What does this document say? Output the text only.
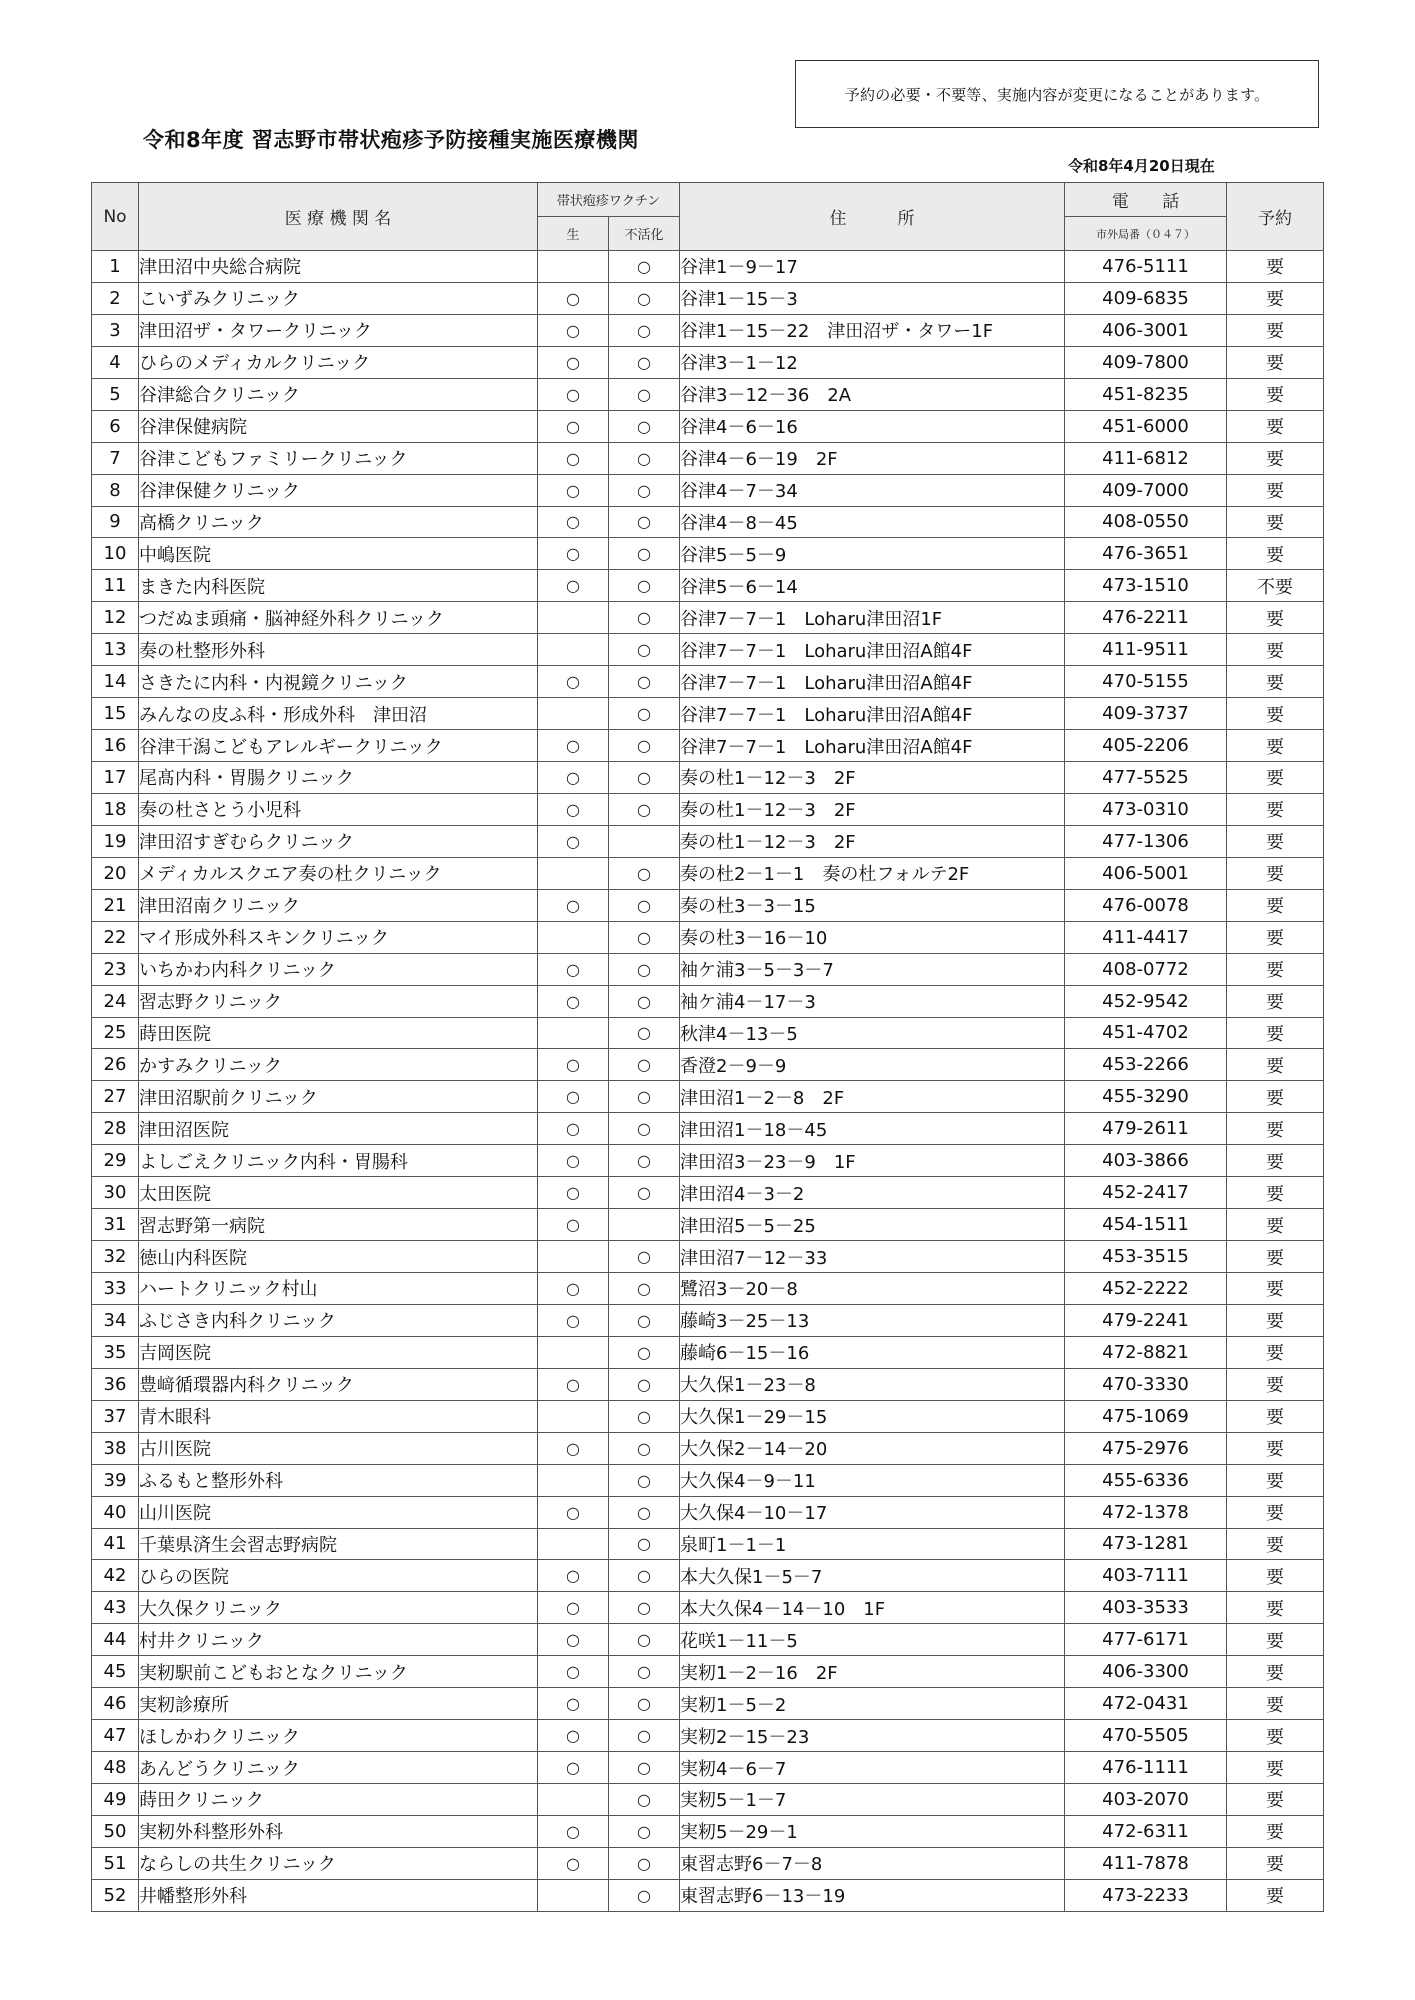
予約の必要・不要等、実施内容が変更になることがあります。
令和8年度 習志野市帯状疱疹予防接種実施医療機関
令和8年4月20日現在
No	医 療 機 関 名	帯状疱疹ワクチン		住　　　所	電 話	予約
		生	不活化		市外局番（０４７）	
1	津田沼中央総合病院		○	谷津1－9－17	476-5111	要
2	こいずみクリニック	○	○	谷津1－15－3	409-6835	要
3	津田沼ザ・タワークリニック	○	○	谷津1－15－22　津田沼ザ・タワー1F	406-3001	要
4	ひらのメディカルクリニック	○	○	谷津3－1－12	409-7800	要
5	谷津総合クリニック	○	○	谷津3－12－36　2A	451-8235	要
6	谷津保健病院	○	○	谷津4－6－16	451-6000	要
7	谷津こどもファミリークリニック	○	○	谷津4－6－19　2F	411-6812	要
8	谷津保健クリニック	○	○	谷津4－7－34	409-7000	要
9	高橋クリニック	○	○	谷津4－8－45	408-0550	要
10	中嶋医院	○	○	谷津5－5－9	476-3651	要
11	まきた内科医院	○	○	谷津5－6－14	473-1510	不要
12	つだぬま頭痛・脳神経外科クリニック		○	谷津7－7－1　Loharu津田沼1F	476-2211	要
13	奏の杜整形外科		○	谷津7－7－1　Loharu津田沼A館4F	411-9511	要
14	さきたに内科・内視鏡クリニック	○	○	谷津7－7－1　Loharu津田沼A館4F	470-5155	要
15	みんなの皮ふ科・形成外科　津田沼		○	谷津7－7－1　Loharu津田沼A館4F	409-3737	要
16	谷津干潟こどもアレルギークリニック	○	○	谷津7－7－1　Loharu津田沼A館4F	405-2206	要
17	尾髙内科・胃腸クリニック	○	○	奏の杜1－12－3　2F	477-5525	要
18	奏の杜さとう小児科	○	○	奏の杜1－12－3　2F	473-0310	要
19	津田沼すぎむらクリニック	○		奏の杜1－12－3　2F	477-1306	要
20	メディカルスクエア奏の杜クリニック		○	奏の杜2－1－1　奏の杜フォルテ2F	406-5001	要
21	津田沼南クリニック	○	○	奏の杜3－3－15	476-0078	要
22	マイ形成外科スキンクリニック		○	奏の杜3－16－10	411-4417	要
23	いちかわ内科クリニック	○	○	袖ケ浦3－5－3－7	408-0772	要
24	習志野クリニック	○	○	袖ケ浦4－17－3	452-9542	要
25	蒔田医院		○	秋津4－13－5	451-4702	要
26	かすみクリニック	○	○	香澄2－9－9	453-2266	要
27	津田沼駅前クリニック	○	○	津田沼1－2－8　2F	455-3290	要
28	津田沼医院	○	○	津田沼1－18－45	479-2611	要
29	よしごえクリニック内科・胃腸科	○	○	津田沼3－23－9　1F	403-3866	要
30	太田医院	○	○	津田沼4－3－2	452-2417	要
31	習志野第一病院	○		津田沼5－5－25	454-1511	要
32	徳山内科医院		○	津田沼7－12－33	453-3515	要
33	ハートクリニック村山	○	○	鷺沼3－20－8	452-2222	要
34	ふじさき内科クリニック	○	○	藤崎3－25－13	479-2241	要
35	吉岡医院		○	藤崎6－15－16	472-8821	要
36	豊﨑循環器内科クリニック	○	○	大久保1－23－8	470-3330	要
37	青木眼科		○	大久保1－29－15	475-1069	要
38	古川医院	○	○	大久保2－14－20	475-2976	要
39	ふるもと整形外科		○	大久保4－9－11	455-6336	要
40	山川医院	○	○	大久保4－10－17	472-1378	要
41	千葉県済生会習志野病院		○	泉町1－1－1	473-1281	要
42	ひらの医院	○	○	本大久保1－5－7	403-7111	要
43	大久保クリニック	○	○	本大久保4－14－10　1F	403-3533	要
44	村井クリニック	○	○	花咲1－11－5	477-6171	要
45	実籾駅前こどもおとなクリニック	○	○	実籾1－2－16　2F	406-3300	要
46	実籾診療所	○	○	実籾1－5－2	472-0431	要
47	ほしかわクリニック	○	○	実籾2－15－23	470-5505	要
48	あんどうクリニック	○	○	実籾4－6－7	476-1111	要
49	蒔田クリニック		○	実籾5－1－7	403-2070	要
50	実籾外科整形外科	○	○	実籾5－29－1	472-6311	要
51	ならしの共生クリニック	○	○	東習志野6－7－8	411-7878	要
52	井幡整形外科		○	東習志野6－13－19	473-2233	要
